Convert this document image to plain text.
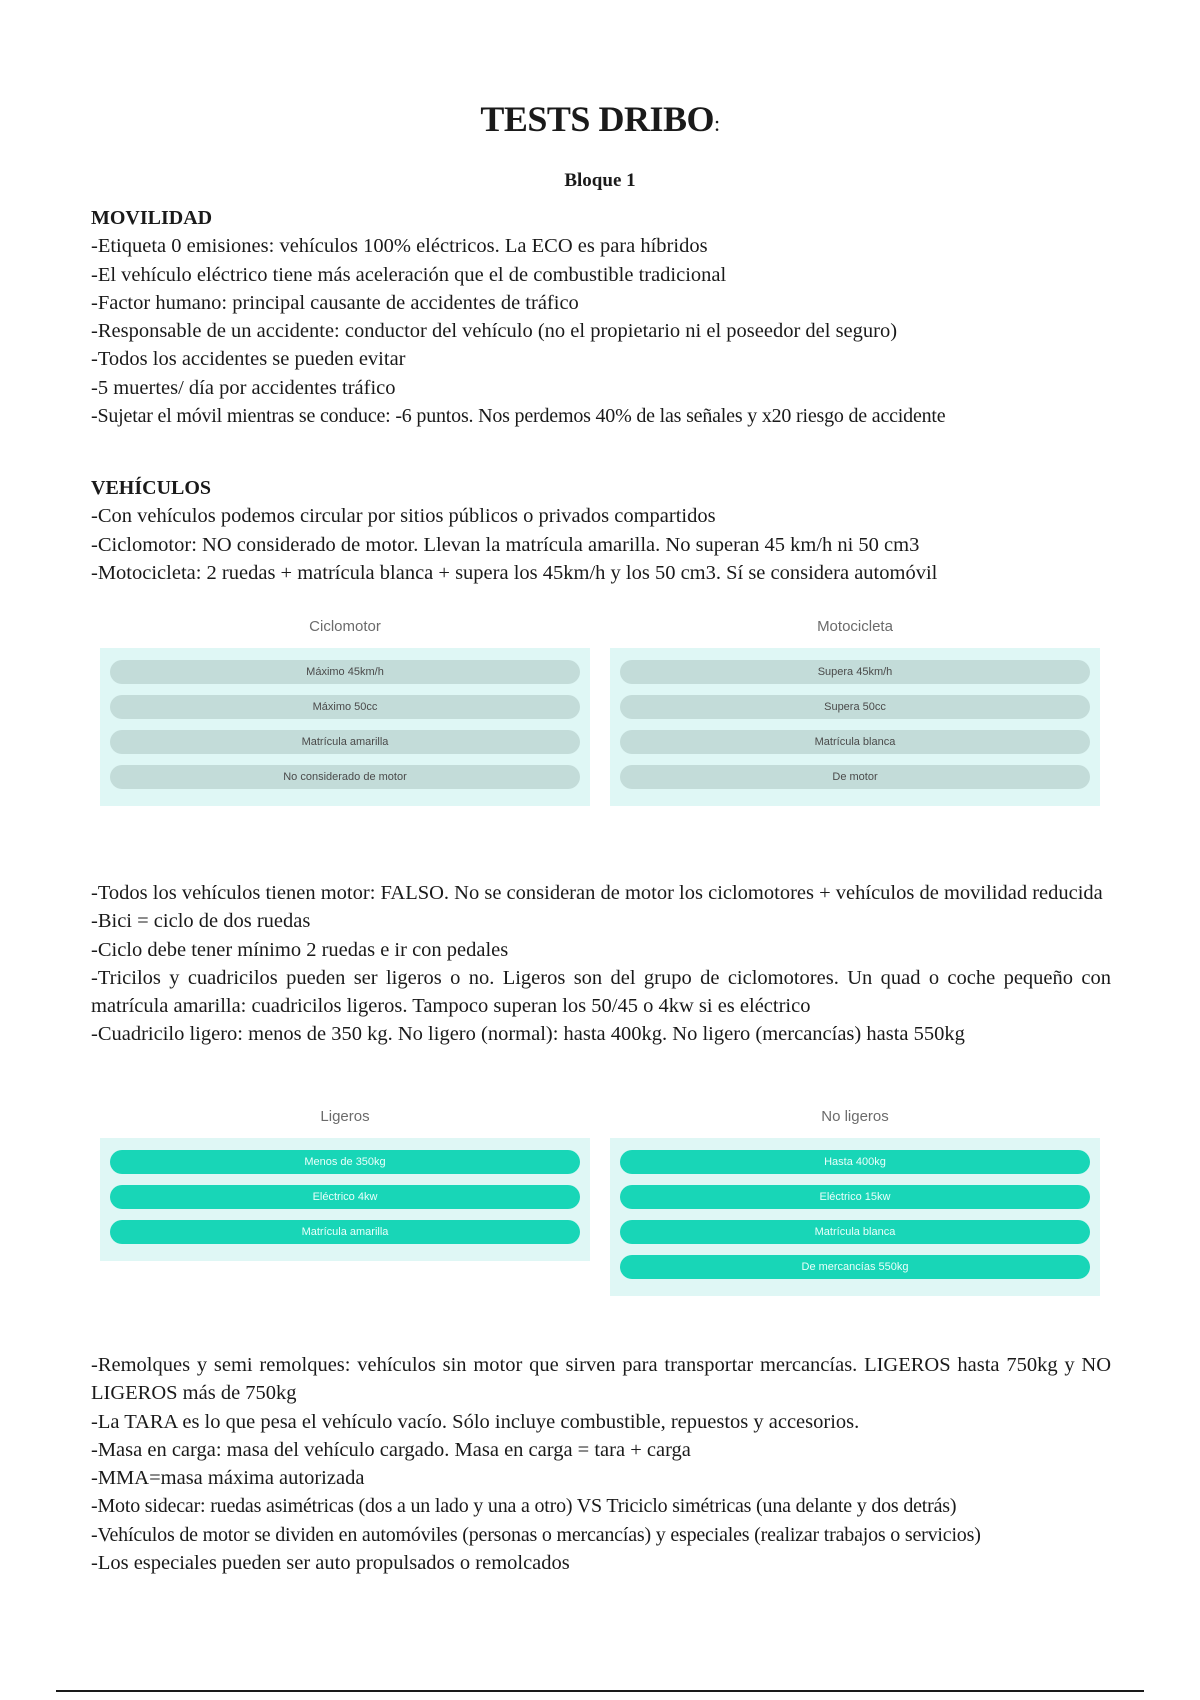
TESTS DRIBO:
Bloque 1

MOVILIDAD

-Etiqueta 0 emisiones: vehículos 100% eléctricos. La ECO es para híbridos

-El vehículo eléctrico tiene más aceleración que el de combustible tradicional

-Factor humano: principal causante de accidentes de tráfico

-Responsable de un accidente: conductor del vehículo (no el propietario ni el poseedor del seguro)

-Todos los accidentes se pueden evitar

-5 muertes/ día por accidentes tráfico

-Sujetar el móvil mientras se conduce: -6 puntos. Nos perdemos 40% de las señales y x20 riesgo de accidente

VEHÍCULOS

-Con vehículos podemos circular por sitios públicos o privados compartidos

-Ciclomotor: NO considerado de motor. Llevan la matrícula amarilla. No superan 45 km/h ni 50 cm3

-Motocicleta: 2 ruedas + matrícula blanca + supera los 45km/h y los 50 cm3. Sí se considera automóvil

Ciclomotor	Motocicleta
Máximo 45km/h
Máximo 50cc
Matrícula amarilla
No considerado de motor
Supera 45km/h
Supera 50cc
Matrícula blanca
De motor

-Todos los vehículos tienen motor: FALSO. No se consideran de motor los ciclomotores + vehículos de movilidad reducida

-Bici = ciclo de dos ruedas

-Ciclo debe tener mínimo 2 ruedas e ir con pedales

-Tricilos y cuadricilos pueden ser ligeros o no. Ligeros son del grupo de ciclomotores. Un quad o coche pequeño con matrícula amarilla: cuadricilos ligeros. Tampoco superan los 50/45 o 4kw si es eléctrico

-Cuadricilo ligero: menos de 350 kg. No ligero (normal): hasta 400kg. No ligero (mercancías) hasta 550kg

Ligeros	No ligeros
Menos de 350kg
Eléctrico 4kw
Matrícula amarilla
Hasta 400kg
Eléctrico 15kw
Matrícula blanca
De mercancías 550kg

-Remolques y semi remolques: vehículos sin motor que sirven para transportar mercancías. LIGEROS hasta 750kg y NO LIGEROS más de 750kg

-La TARA es lo que pesa el vehículo vacío. Sólo incluye combustible, repuestos y accesorios.

-Masa en carga: masa del vehículo cargado. Masa en carga = tara + carga

-MMA=masa máxima autorizada

-Moto sidecar: ruedas asimétricas (dos a un lado y una a otro) VS Triciclo simétricas (una delante y dos detrás)

-Vehículos de motor se dividen en automóviles (personas o mercancías) y especiales (realizar trabajos o servicios)

-Los especiales pueden ser auto propulsados o remolcados
